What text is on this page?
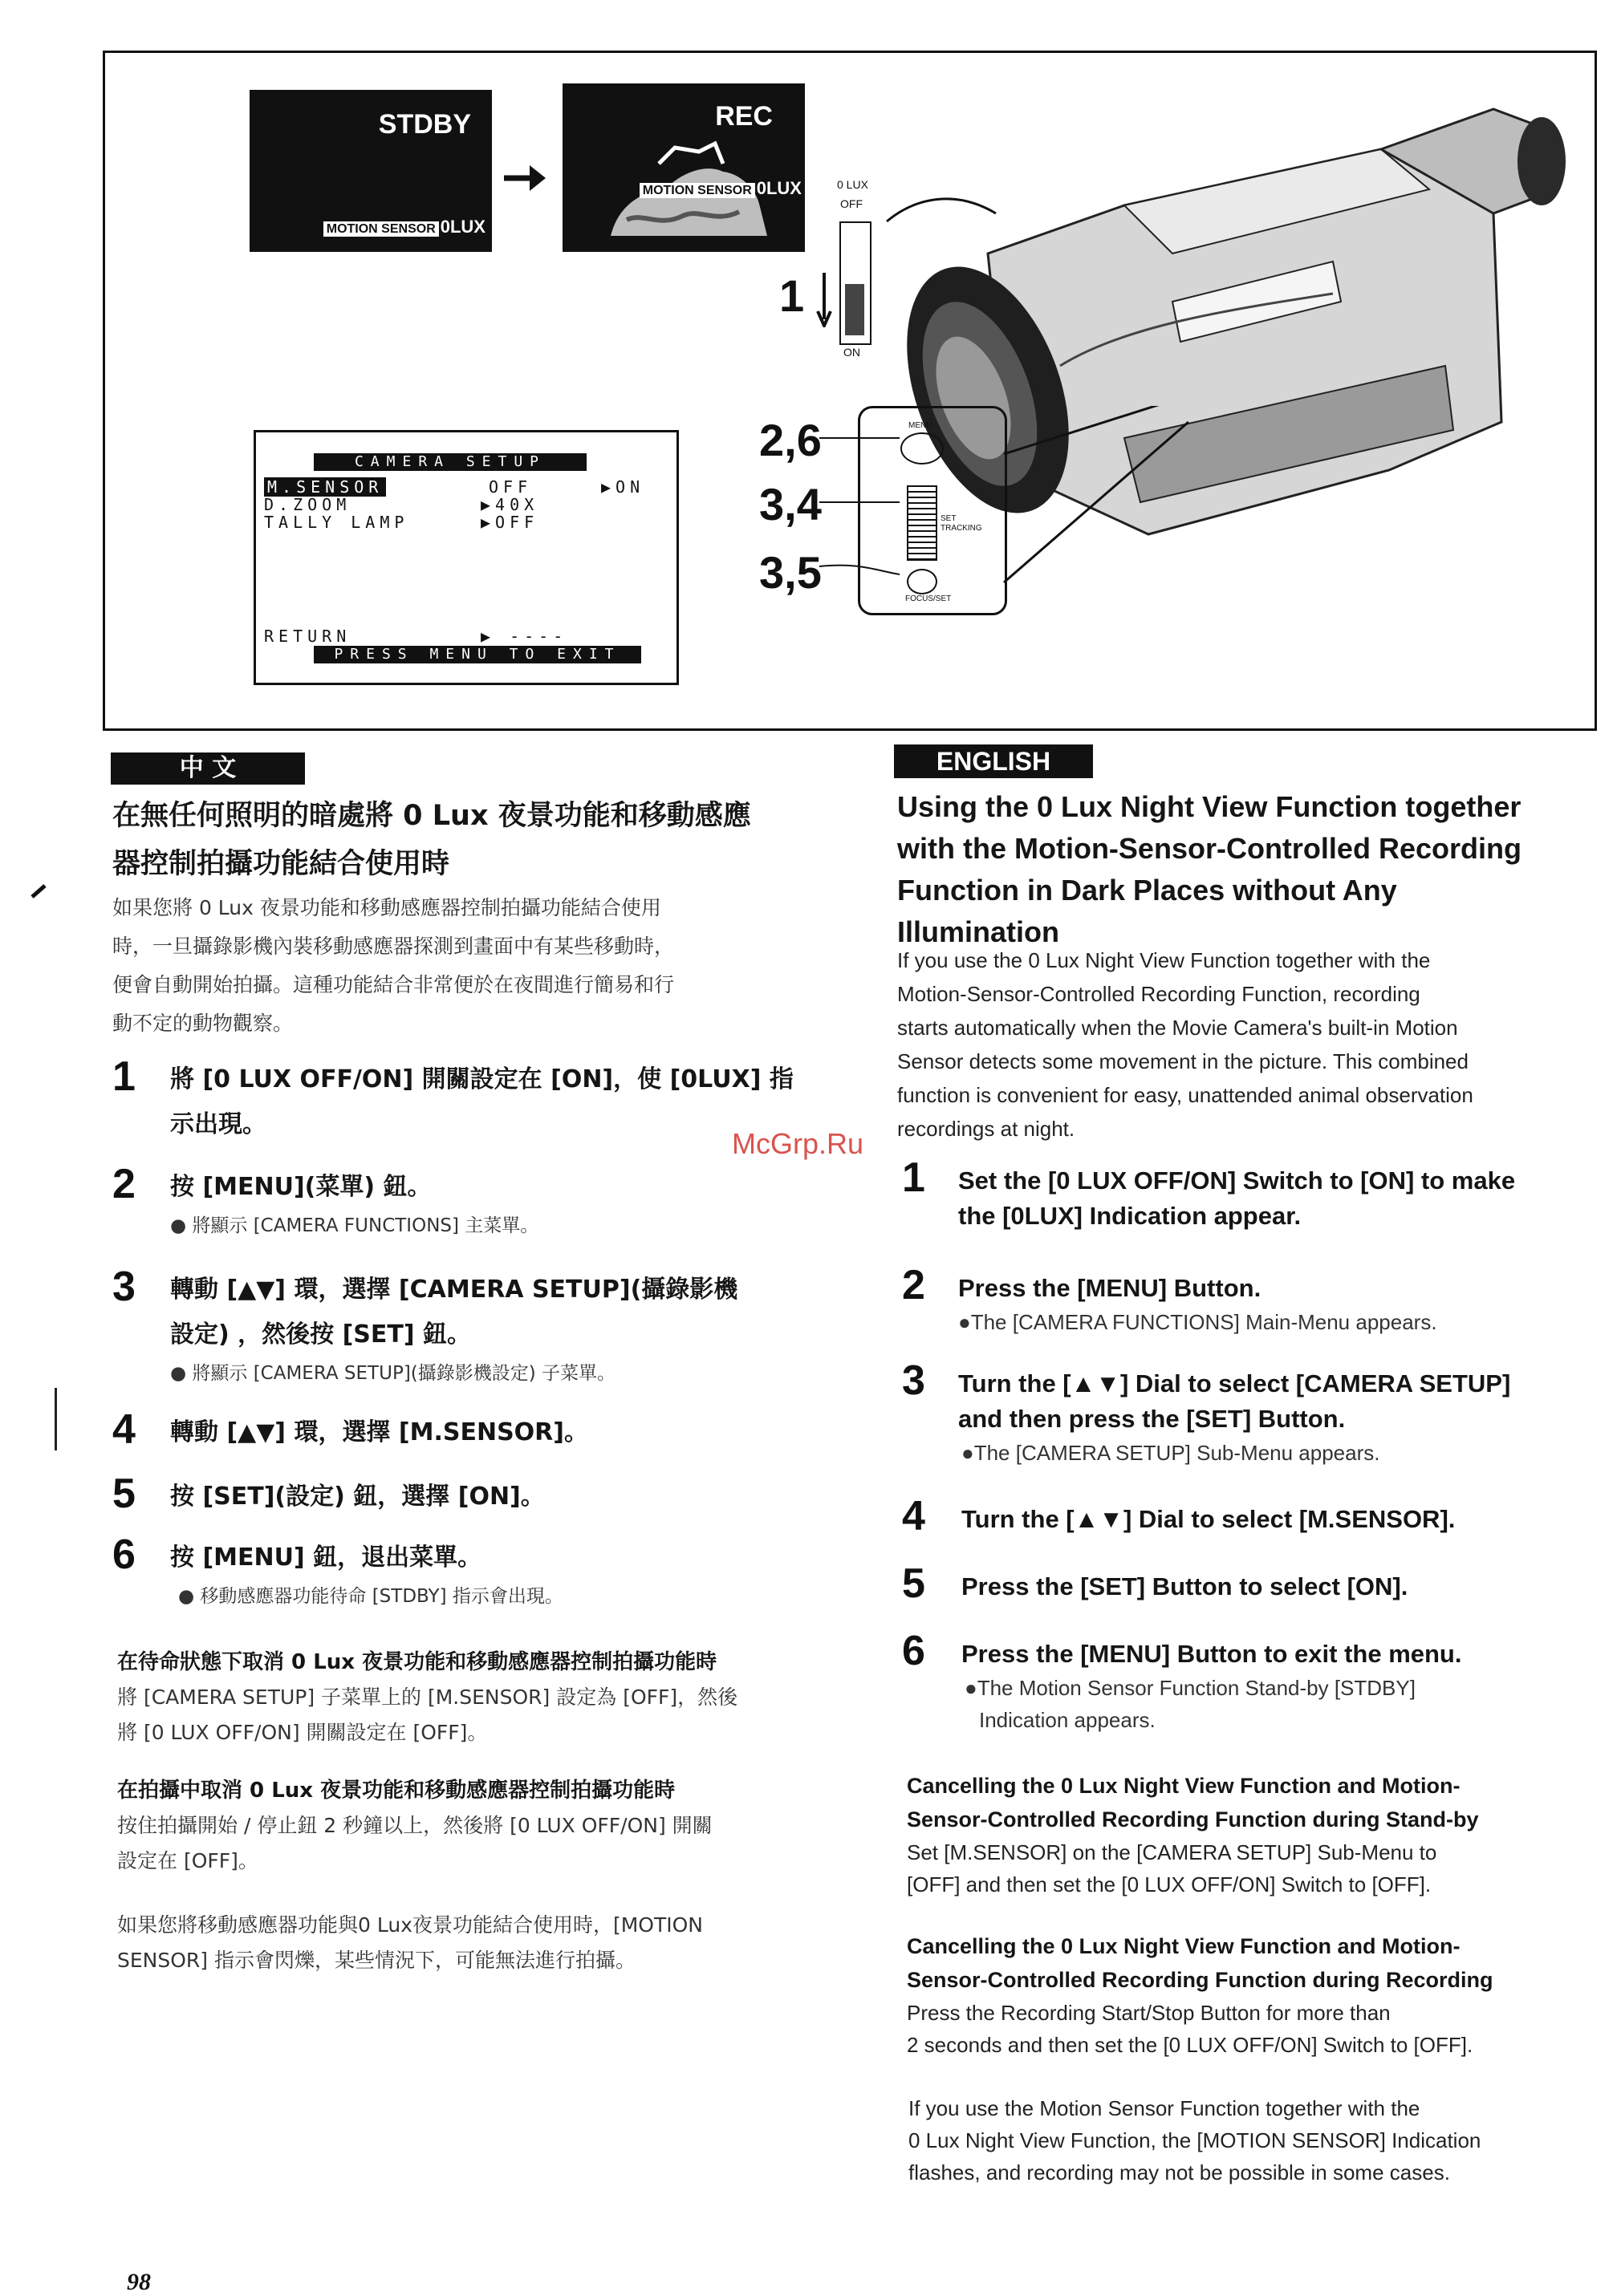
STDBY
MOTION SENSOR 0LUX
REC
MOTION SENSOR 0LUX	0 LUX
OFF
ON
1
2,6
3,4
3,5
MENU
SET
TRACKING
FOCUS/SET
CAMERA SETUP
M.SENSOR	OFF	▶ON
D.ZOOM	▶40X
TALLY LAMP	▶OFF
RETURN	▶ ----
PRESS MENU TO EXIT
中 文
在無任何照明的暗處將 0 Lux 夜景功能和移動感應
器控制拍攝功能結合使用時
如果您將 0 Lux 夜景功能和移動感應器控制拍攝功能結合使用
時，一旦攝錄影機內裝移動感應器探測到畫面中有某些移動時，
便會自動開始拍攝。這種功能結合非常便於在夜間進行簡易和行
動不定的動物觀察。
1 將 [0 LUX OFF/ON] 開關設定在 [ON]，使 [0LUX] 指
示出現。
2 按 [MENU](菜單) 鈕。
● 將顯示 [CAMERA FUNCTIONS] 主菜單。
3 轉動 [▲▼] 環，選擇 [CAMERA SETUP](攝錄影機
設定) ，然後按 [SET] 鈕。
● 將顯示 [CAMERA SETUP](攝錄影機設定) 子菜單。
4 轉動 [▲▼] 環，選擇 [M.SENSOR]。
5 按 [SET](設定) 鈕，選擇 [ON]。
6 按 [MENU] 鈕，退出菜單。
● 移動感應器功能待命 [STDBY] 指示會出現。
在待命狀態下取消 0 Lux 夜景功能和移動感應器控制拍攝功能時
將 [CAMERA SETUP] 子菜單上的 [M.SENSOR] 設定為 [OFF]，然後
將 [0 LUX OFF/ON] 開關設定在 [OFF]。
在拍攝中取消 0 Lux 夜景功能和移動感應器控制拍攝功能時
按住拍攝開始 / 停止鈕 2 秒鐘以上，然後將 [0 LUX OFF/ON] 開關
設定在 [OFF]。
如果您將移動感應器功能與0 Lux夜景功能結合使用時，[MOTION
SENSOR] 指示會閃爍，某些情況下，可能無法進行拍攝。
ENGLISH
Using the 0 Lux Night View Function together
with the Motion-Sensor-Controlled Recording
Function in Dark Places without Any
Illumination
If you use the 0 Lux Night View Function together with the
Motion-Sensor-Controlled Recording Function, recording
starts automatically when the Movie Camera's built-in Motion
Sensor detects some movement in the picture. This combined
function is convenient for easy, unattended animal observation
recordings at night.
1 Set the [0 LUX OFF/ON] Switch to [ON] to make
the [0LUX] Indication appear.
2 Press the [MENU] Button.
●The [CAMERA FUNCTIONS] Main-Menu appears.
3 Turn the [▲▼] Dial to select [CAMERA SETUP]
and then press the [SET] Button.
●The [CAMERA SETUP] Sub-Menu appears.
4 Turn the [▲▼] Dial to select [M.SENSOR].
5 Press the [SET] Button to select [ON].
6 Press the [MENU] Button to exit the menu.
●The Motion Sensor Function Stand-by [STDBY]
Indication appears.
Cancelling the 0 Lux Night View Function and Motion-
Sensor-Controlled Recording Function during Stand-by
Set [M.SENSOR] on the [CAMERA SETUP] Sub-Menu to
[OFF] and then set the [0 LUX OFF/ON] Switch to [OFF].
Cancelling the 0 Lux Night View Function and Motion-
Sensor-Controlled Recording Function during Recording
Press the Recording Start/Stop Button for more than
2 seconds and then set the [0 LUX OFF/ON] Switch to [OFF].
If you use the Motion Sensor Function together with the
0 Lux Night View Function, the [MOTION SENSOR] Indication
flashes, and recording may not be possible in some cases.
McGrp.Ru
98
